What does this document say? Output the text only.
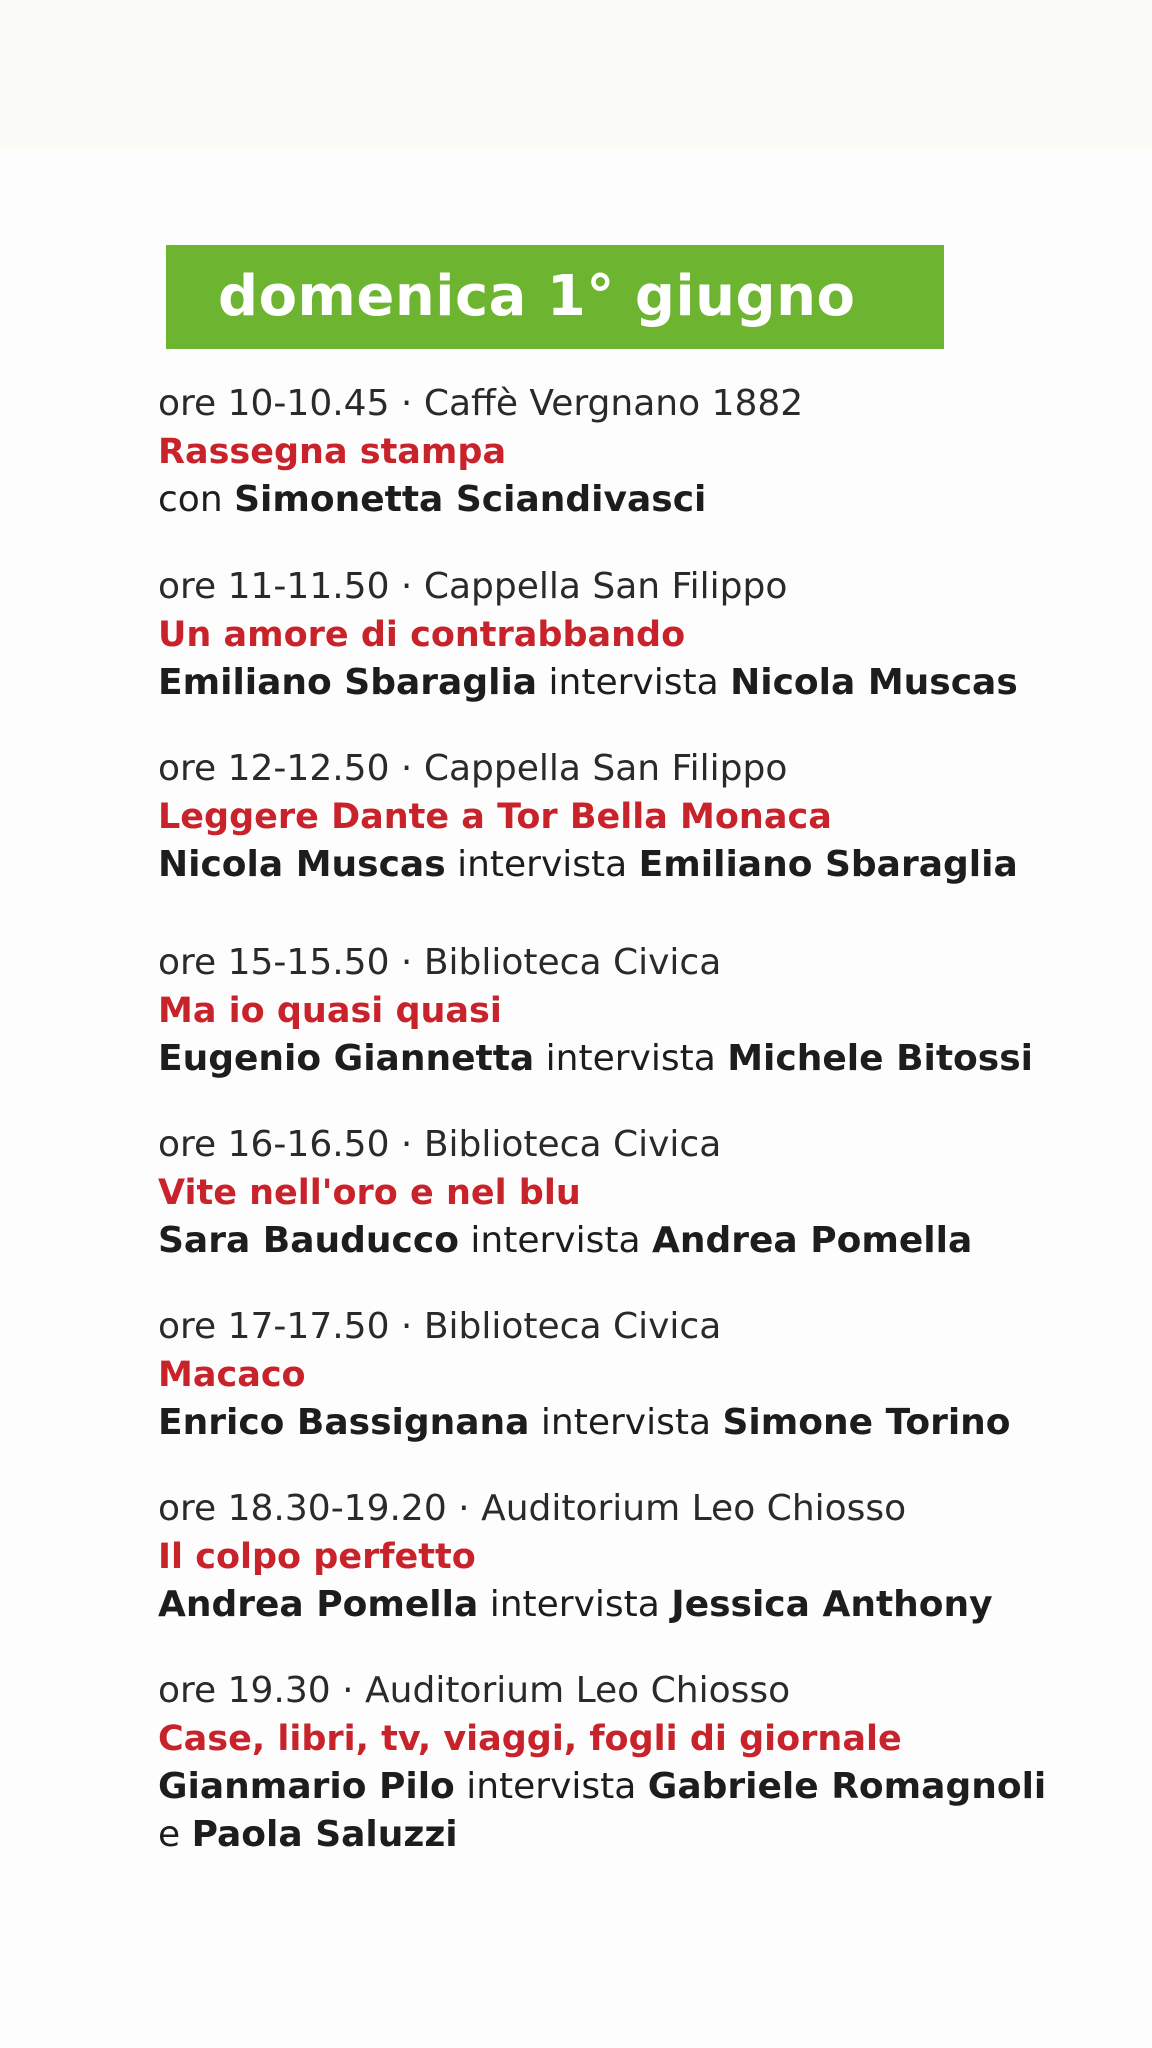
domenica 1° giugno
ore 10-10.45 · Caffè Vergnano 1882
Rassegna stampa
con Simonetta Sciandivasci
ore 11-11.50 · Cappella San Filippo
Un amore di contrabbando
Emiliano Sbaraglia intervista Nicola Muscas
ore 12-12.50 · Cappella San Filippo
Leggere Dante a Tor Bella Monaca
Nicola Muscas intervista Emiliano Sbaraglia
ore 15-15.50 · Biblioteca Civica
Ma io quasi quasi
Eugenio Giannetta intervista Michele Bitossi
ore 16-16.50 · Biblioteca Civica
Vite nell'oro e nel blu
Sara Bauducco intervista Andrea Pomella
ore 17-17.50 · Biblioteca Civica
Macaco
Enrico Bassignana intervista Simone Torino
ore 18.30-19.20 · Auditorium Leo Chiosso
Il colpo perfetto
Andrea Pomella intervista Jessica Anthony
ore 19.30 · Auditorium Leo Chiosso
Case, libri, tv, viaggi, fogli di giornale
Gianmario Pilo intervista Gabriele Romagnoli
e Paola Saluzzi
